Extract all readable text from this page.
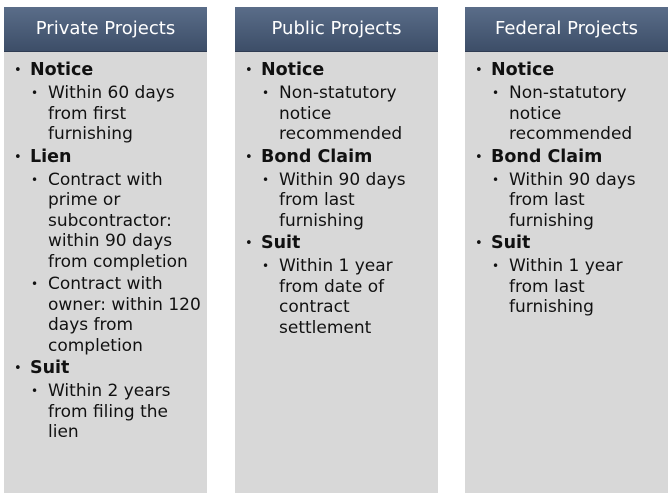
Private Projects
• Notice
• Within 60 days from first furnishing
• Lien
• Contract with prime or subcontractor: within 90 days from completion
• Contract with owner: within 120 days from completion
• Suit
• Within 2 years from filing the lien
Public Projects
• Notice
• Non-statutory notice recommended
• Bond Claim
• Within 90 days from last furnishing
• Suit
• Within 1 year from date of contract settlement
Federal Projects
• Notice
• Non-statutory notice recommended
• Bond Claim
• Within 90 days from last furnishing
• Suit
• Within 1 year from last furnishing
